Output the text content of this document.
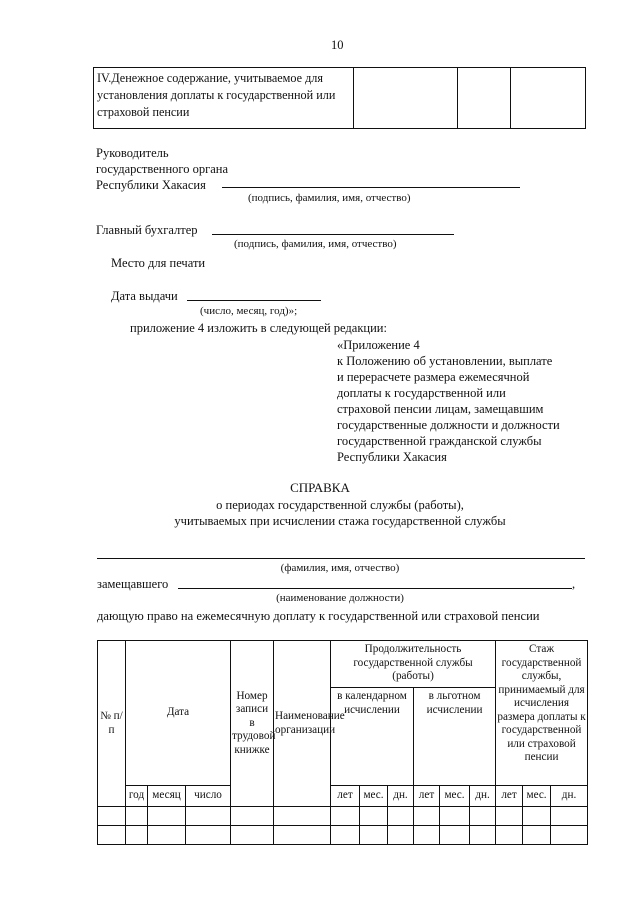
10
IV.Денежное содержание, учитываемое для установления доплаты к государственной или страховой пенсии			
Руководитель
государственного органа
Республики Хакасия
(подпись, фамилия, имя, отчество)
Главный бухгалтер
(подпись, фамилия, имя, отчество)
Место для печати
Дата выдачи
(число, месяц, год)»;
приложение 4 изложить в следующей редакции:
«Приложение 4
к Положению об установлении, выплате
и перерасчете размера ежемесячной
доплаты к государственной или
страховой пенсии лицам, замещавшим
государственные должности и должности
государственной гражданской службы
Республики Хакасия
СПРАВКА
о периодах государственной службы (работы),
учитываемых при исчислении стажа государственной службы
(фамилия, имя, отчество)
замещавшего	,
(наименование должности)
дающую право на ежемесячную доплату к государственной или страховой пенсии
№ п/п	Дата			Номер записи в трудовой книжке	Наименование организации	Продолжительность государственной службы (работы)						Стаж государственной службы, принимаемый для исчисления размера доплаты к государственной или страховой пенсии		
						в календарном исчислении			в льготном исчислении					
	год	месяц	число			лет	мес.	дн.	лет	мес.	дн.	лет	мес.	дн.
